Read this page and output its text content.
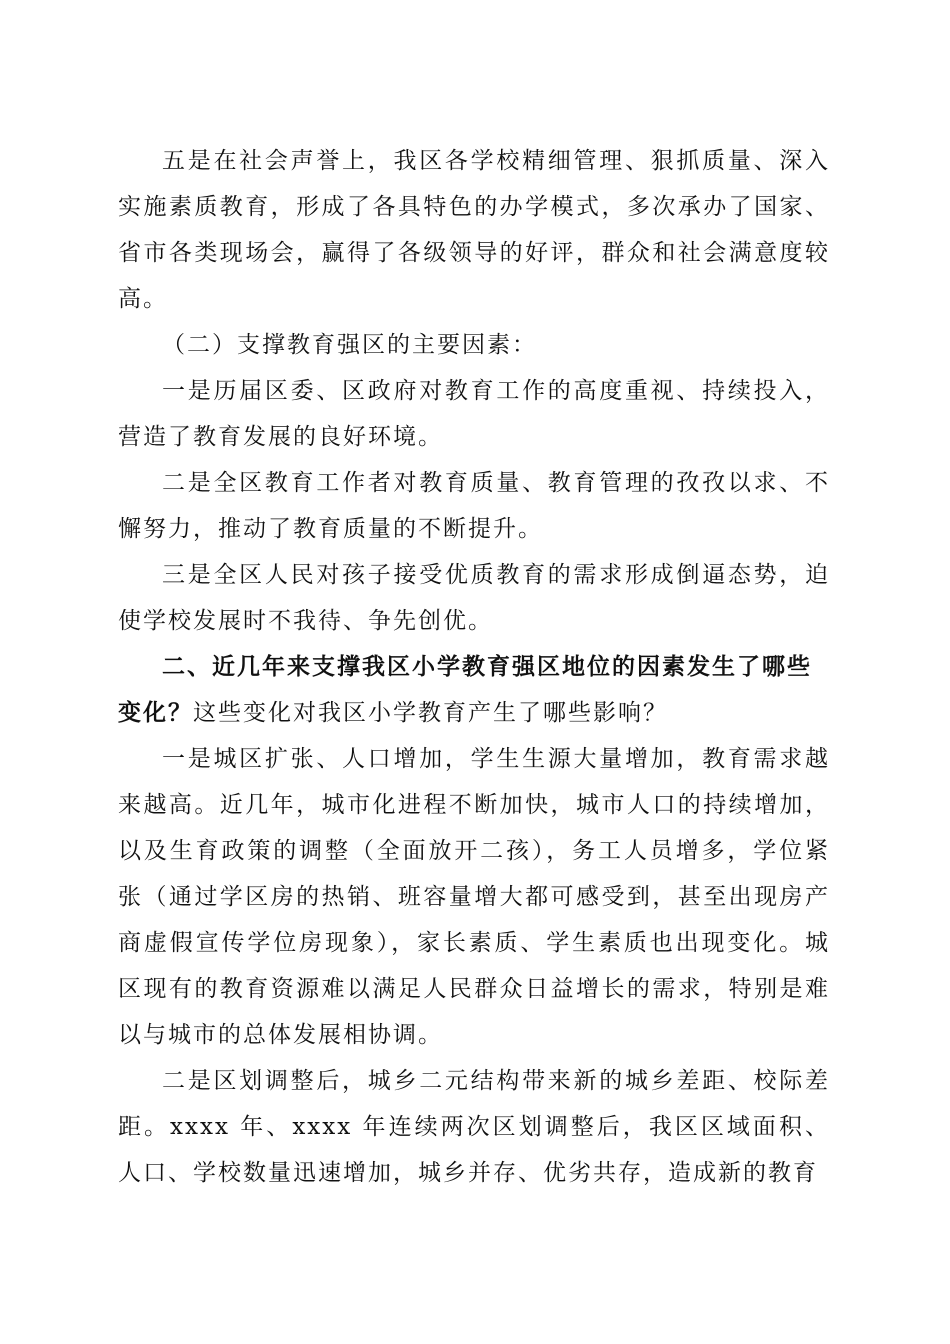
五是在社会声誉上，我区各学校精细管理、狠抓质量、深入实施素质教育，形成了各具特色的办学模式，多次承办了国家、省市各类现场会，赢得了各级领导的好评，群众和社会满意度较高。

（二）支撑教育强区的主要因素：

一是历届区委、区政府对教育工作的高度重视、持续投入，营造了教育发展的良好环境。

二是全区教育工作者对教育质量、教育管理的孜孜以求、不懈努力，推动了教育质量的不断提升。

三是全区人民对孩子接受优质教育的需求形成倒逼态势，迫使学校发展时不我待、争先创优。

二、近几年来支撑我区小学教育强区地位的因素发生了哪些变化？这些变化对我区小学教育产生了哪些影响？

一是城区扩张、人口增加，学生生源大量增加，教育需求越来越高。近几年，城市化进程不断加快，城市人口的持续增加，以及生育政策的调整（全面放开二孩），务工人员增多，学位紧张（通过学区房的热销、班容量增大都可感受到，甚至出现房产商虚假宣传学位房现象），家长素质、学生素质也出现变化。城区现有的教育资源难以满足人民群众日益增长的需求，特别是难以与城市的总体发展相协调。

二是区划调整后，城乡二元结构带来新的城乡差距、校际差距。xxxx 年、xxxx 年连续两次区划调整后，我区区域面积、人口、学校数量迅速增加，城乡并存、优劣共存，造成新的教育
